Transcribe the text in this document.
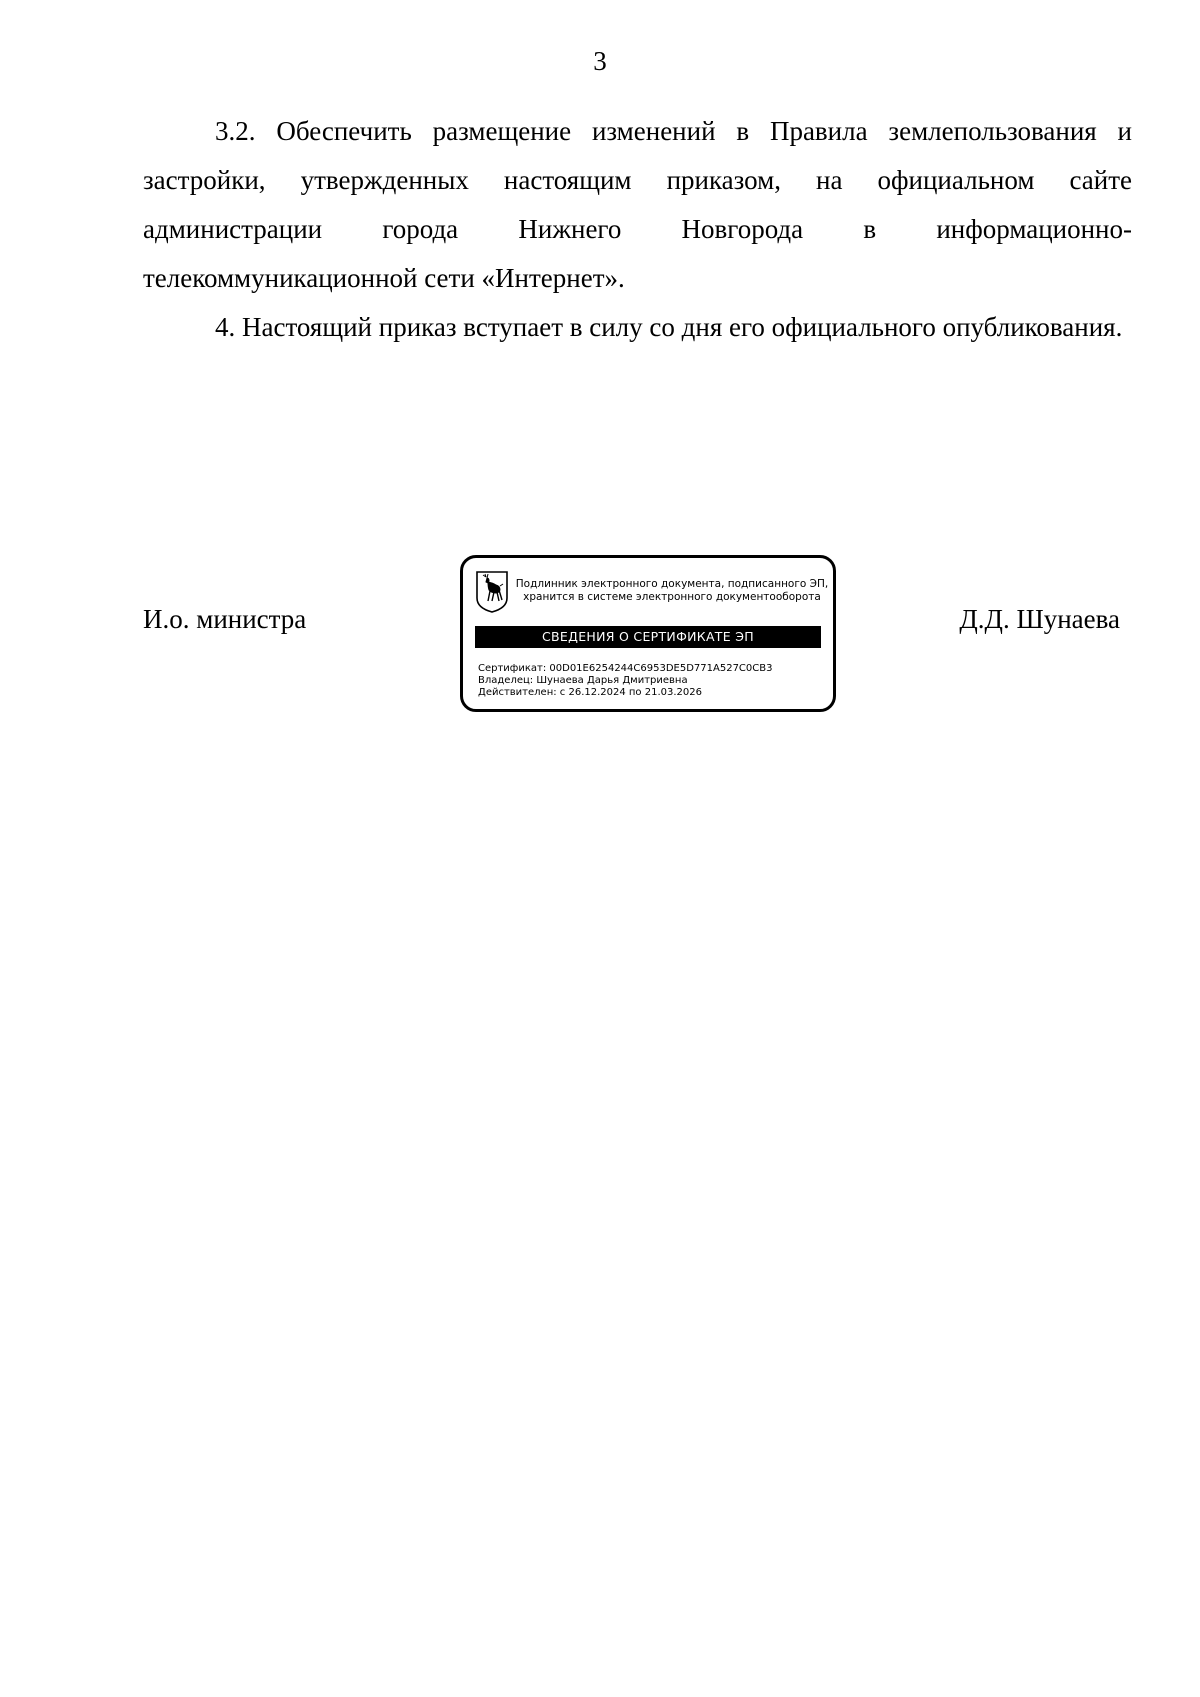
3

3.2. Обеспечить размещение изменений в Правила землепользования и застройки, утвержденных настоящим приказом, на официальном сайте администрации города Нижнего Новгорода в информационно-телекоммуникационной сети «Интернет».

4. Настоящий приказ вступает в силу со дня его официального опубликования.

И.о. министра
Подлинник электронного документа, подписанного ЭП,
хранится в системе электронного документооборота
СВЕДЕНИЯ О СЕРТИФИКАТЕ ЭП
Сертификат: 00D01E6254244C6953DE5D771A527C0CB3
Владелец: Шунаева Дарья Дмитриевна
Действителен: с 26.12.2024 по 21.03.2026
Д.Д. Шунаева
